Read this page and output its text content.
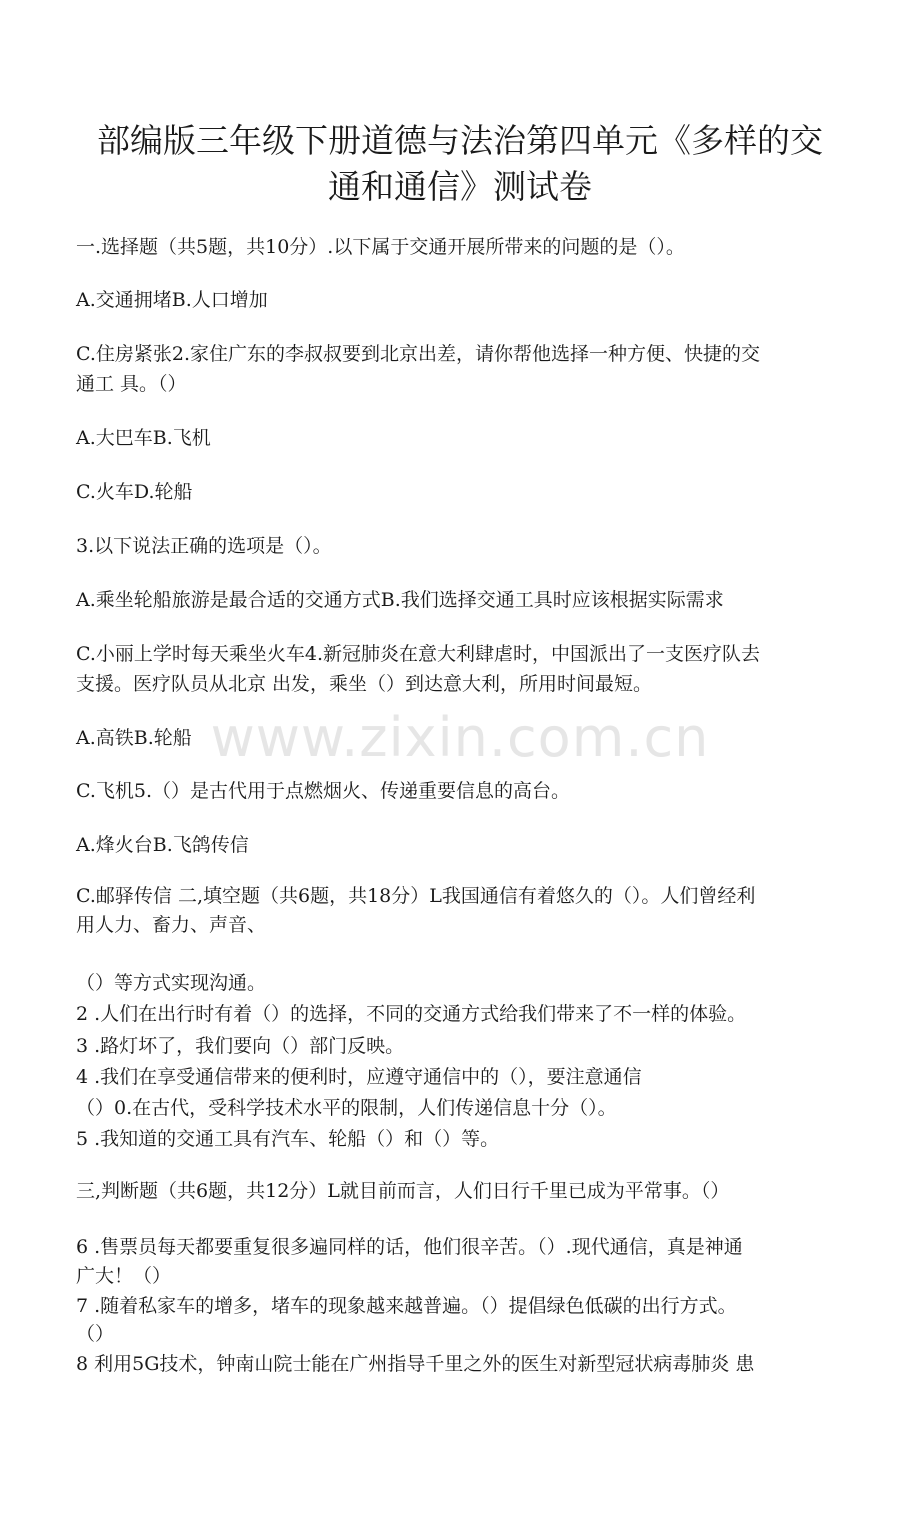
部编版三年级下册道德与法治第四单元《多样的交
通和通信》测试卷
www.zixin.com.cn
一.选择题（共5题，共10分）.以下属于交通开展所带来的问题的是（）。
A.交通拥堵B.人口增加
C.住房紧张2.家住广东的李叔叔要到北京出差，请你帮他选择一种方便、快捷的交
通工 具。（）
A.大巴车B.飞机
C.火车D.轮船
3.以下说法正确的选项是（）。
A.乘坐轮船旅游是最合适的交通方式B.我们选择交通工具时应该根据实际需求
C.小丽上学时每天乘坐火车4.新冠肺炎在意大利肆虐时，中国派出了一支医疗队去
支援。医疗队员从北京 出发，乘坐（）到达意大利，所用时间最短。
A.高铁B.轮船
C.飞机5.（）是古代用于点燃烟火、传递重要信息的高台。
A.烽火台B.飞鸽传信
C.邮驿传信 二,填空题（共6题，共18分）L我国通信有着悠久的（）。人们曾经利
用人力、畜力、声音、
（）等方式实现沟通。
2 .人们在出行时有着（）的选择，不同的交通方式给我们带来了不一样的体验。
3 .路灯坏了，我们要向（）部门反映。
4 .我们在享受通信带来的便利时，应遵守通信中的（），要注意通信
（）0.在古代，受科学技术水平的限制，人们传递信息十分（）。
5 .我知道的交通工具有汽车、轮船（）和（）等。
三,判断题（共6题，共12分）L就目前而言，人们日行千里已成为平常事。（）
6 .售票员每天都要重复很多遍同样的话，他们很辛苦。（）.现代通信，真是神通
广大！（）
7 .随着私家车的增多，堵车的现象越来越普遍。（）提倡绿色低碳的出行方式。
（）
8 利用5G技术，钟南山院士能在广州指导千里之外的医生对新型冠状病毒肺炎 患
